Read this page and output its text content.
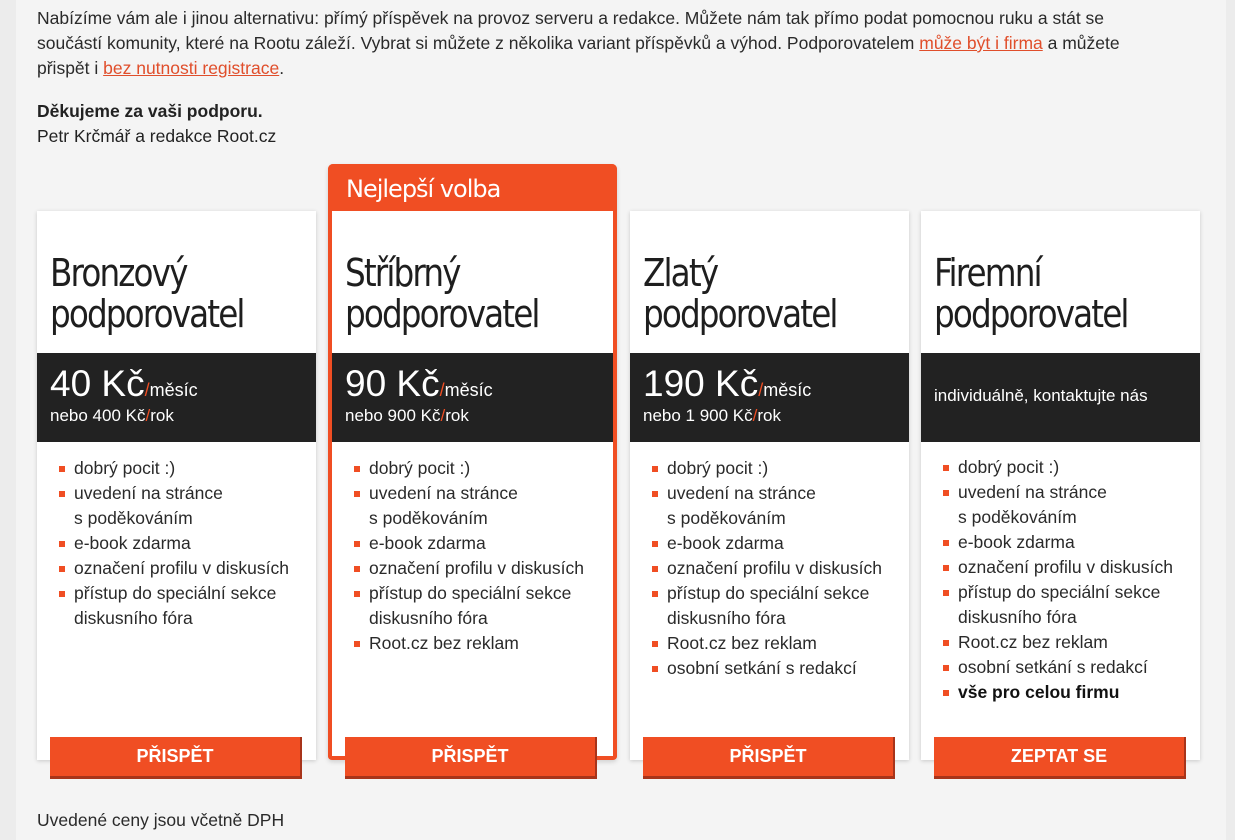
Nabízíme vám ale i jinou alternativu: přímý příspěvek na provoz serveru a redakce. Můžete nám tak přímo podat pomocnou ruku a stát se součástí komunity, které na Rootu záleží. Vybrat si můžete z několika variant příspěvků a výhod. Podporovatelem může být i firma a můžete přispět i bez nutnosti registrace.

Děkujeme za vaši podporu.
Petr Krčmář a redakce Root.cz

Bronzový
podporovatel
40 Kč/měsíc
nebo 400 Kč/rok
dobrý pocit :)
uvedení na stránce
s poděkováním
e-book zdarma
označení profilu v diskusích
přístup do speciální sekce
diskusního fóra
PŘISPĚT
Nejlepší volba
Stříbrný
podporovatel
90 Kč/měsíc
nebo 900 Kč/rok
dobrý pocit :)
uvedení na stránce
s poděkováním
e-book zdarma
označení profilu v diskusích
přístup do speciální sekce
diskusního fóra
Root.cz bez reklam
PŘISPĚT
Zlatý
podporovatel
190 Kč/měsíc
nebo 1 900 Kč/rok
dobrý pocit :)
uvedení na stránce
s poděkováním
e-book zdarma
označení profilu v diskusích
přístup do speciální sekce
diskusního fóra
Root.cz bez reklam
osobní setkání s redakcí
PŘISPĚT
Firemní
podporovatel
individuálně, kontaktujte nás
dobrý pocit :)
uvedení na stránce
s poděkováním
e-book zdarma
označení profilu v diskusích
přístup do speciální sekce
diskusního fóra
Root.cz bez reklam
osobní setkání s redakcí
vše pro celou firmu
ZEPTAT SE

Uvedené ceny jsou včetně DPH
